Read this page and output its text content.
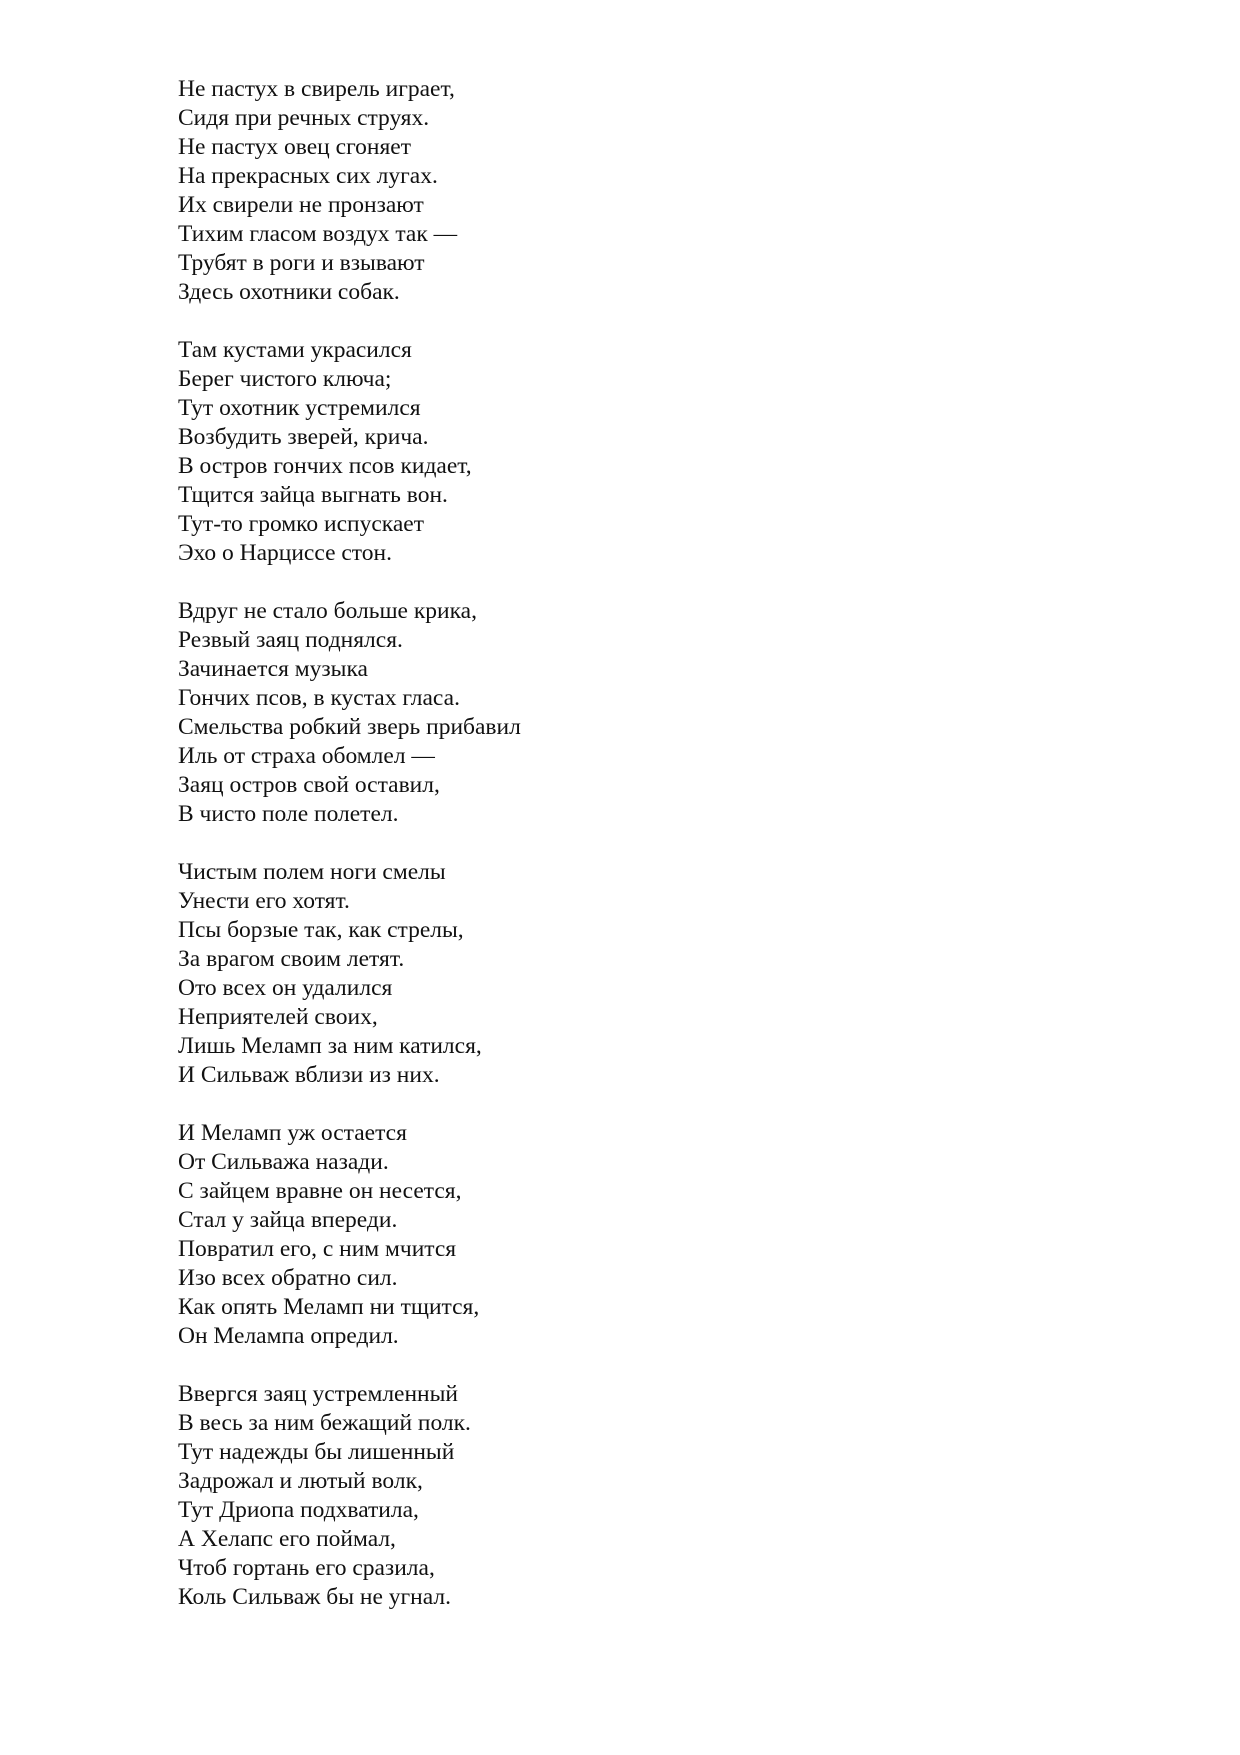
Не пастух в свирель играет,
Сидя при речных струях.
Не пастух овец сгоняет
На прекрасных сих лугах.
Их свирели не пронзают
Тихим гласом воздух так —
Трубят в роги и взывают
Здесь охотники собак.
Там кустами украсился
Берег чистого ключа;
Тут охотник устремился
Возбудить зверей, крича.
В остров гончих псов кидает,
Тщится зайца выгнать вон.
Тут-то громко испускает
Эхо о Нарциссе стон.
Вдруг не стало больше крика,
Резвый заяц поднялся.
Зачинается музыка
Гончих псов, в кустах гласа.
Смельства робкий зверь прибавил
Иль от страха обомлел —
Заяц остров свой оставил,
В чисто поле полетел.
Чистым полем ноги смелы
Унести его хотят.
Псы борзые так, как стрелы,
За врагом своим летят.
Ото всех он удалился
Неприятелей своих,
Лишь Меламп за ним катился,
И Сильваж вблизи из них.
И Меламп уж остается
От Сильважа назади.
С зайцем вравне он несется,
Стал у зайца впереди.
Повратил его, с ним мчится
Изо всех обратно сил.
Как опять Меламп ни тщится,
Он Мелампа опредил.
Ввергся заяц устремленный
В весь за ним бежащий полк.
Тут надежды бы лишенный
Задрожал и лютый волк,
Тут Дриопа подхватила,
А Хелапс его поймал,
Чтоб гортань его сразила,
Коль Сильваж бы не угнал.
